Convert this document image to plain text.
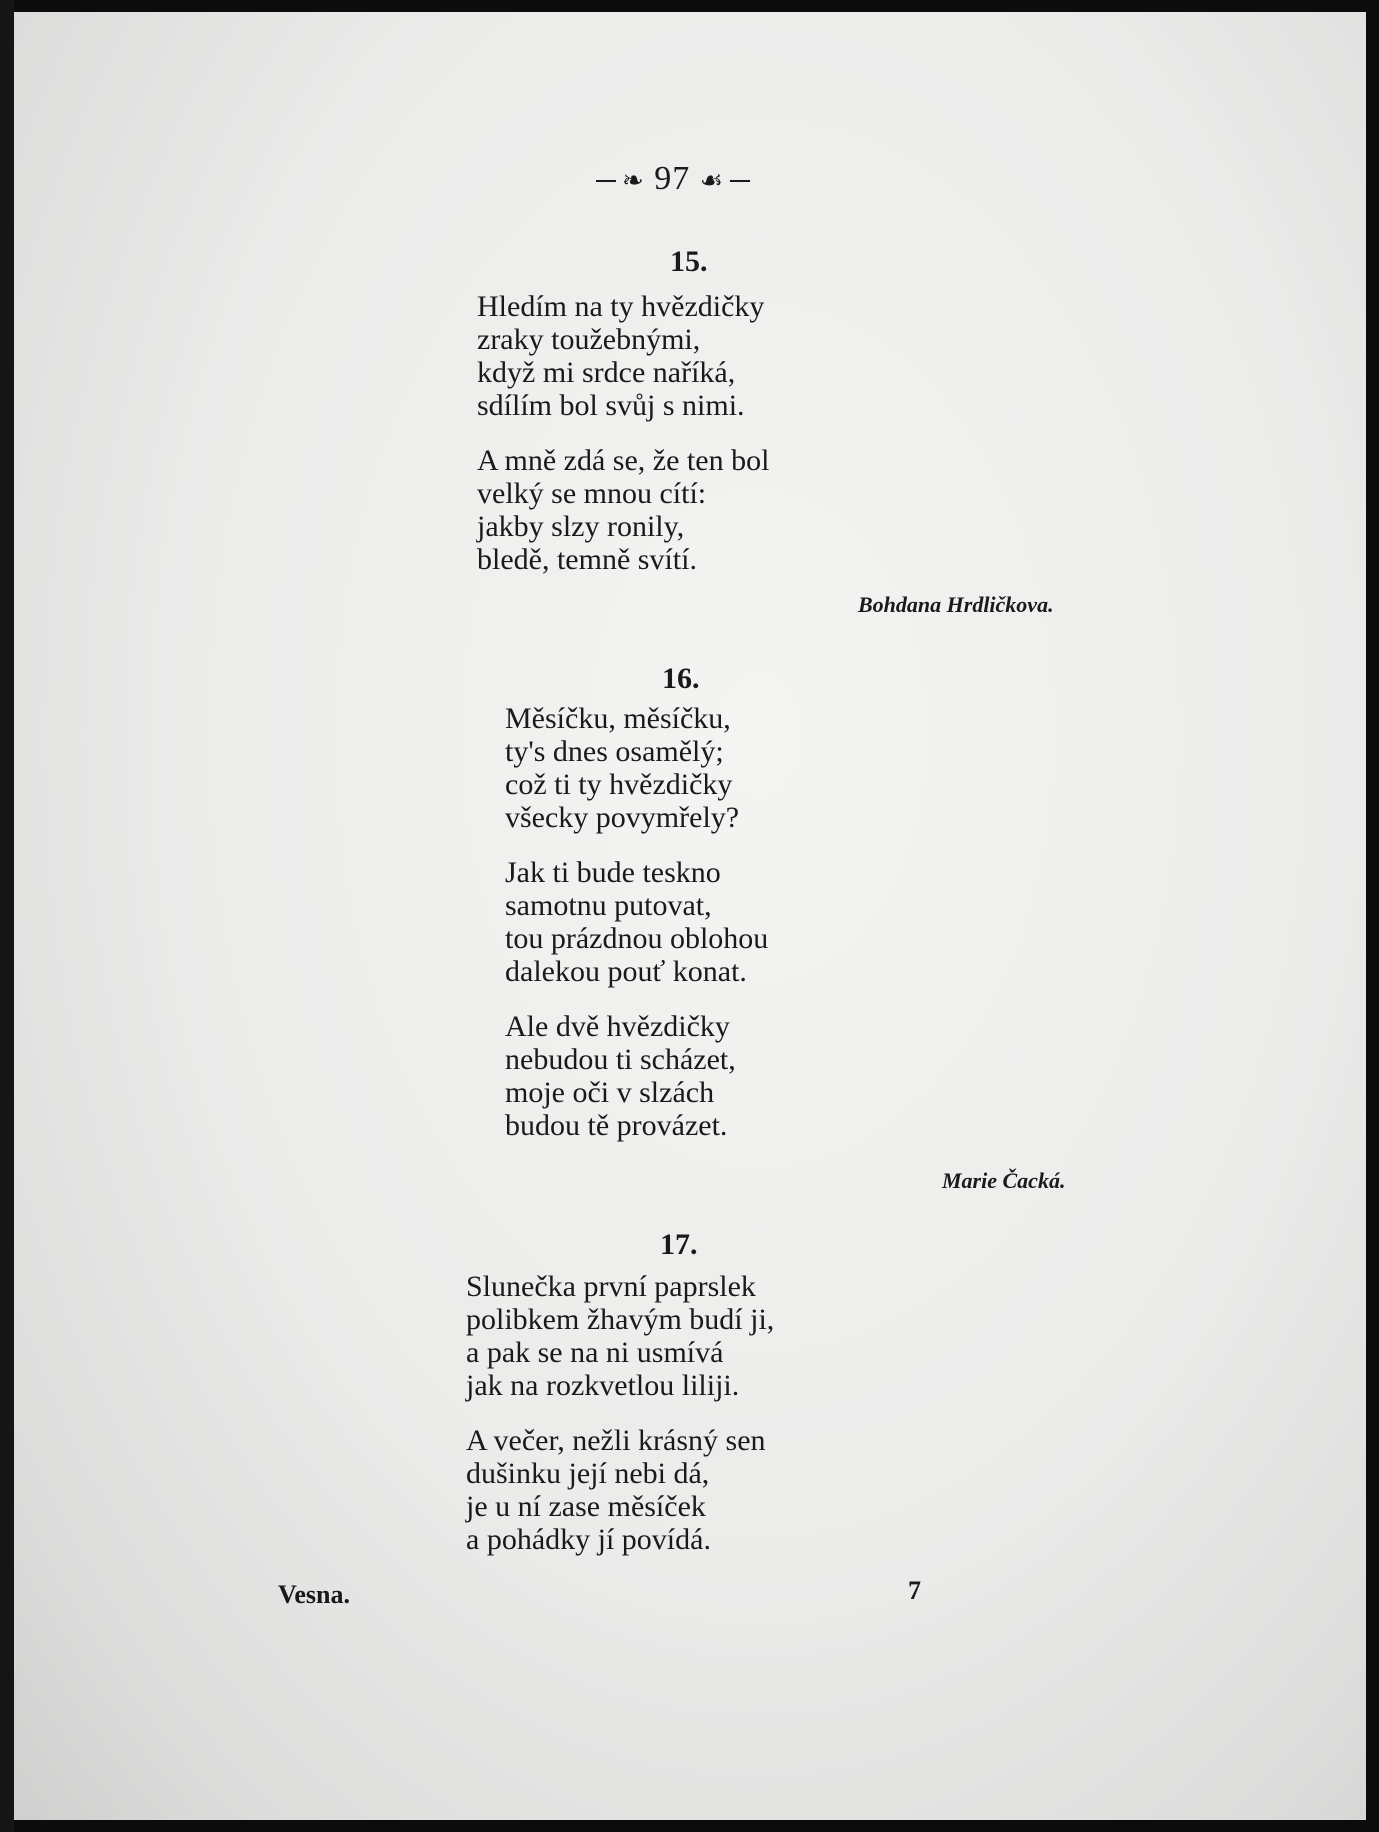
❧ 97 ☙
15.
Hledím na ty hvězdičky
zraky toužebnými,
když mi srdce naříká,
sdílím bol svůj s nimi.
A mně zdá se, že ten bol
velký se mnou cítí:
jakby slzy ronily,
bledě, temně svítí.
Bohdana Hrdličkova.
16.
Měsíčku, měsíčku,
ty's dnes osamělý;
což ti ty hvězdičky
všecky povymřely?
Jak ti bude teskno
samotnu putovat,
tou prázdnou oblohou
dalekou pouť konat.
Ale dvě hvězdičky
nebudou ti scházet,
moje oči v slzách
budou tě provázet.
Marie Čacká.
17.
Slunečka první paprslek
polibkem žhavým budí ji,
a pak se na ni usmívá
jak na rozkvetlou liliji.
A večer, nežli krásný sen
dušinku její nebi dá,
je u ní zase měsíček
a pohádky jí povídá.
Vesna.	7
